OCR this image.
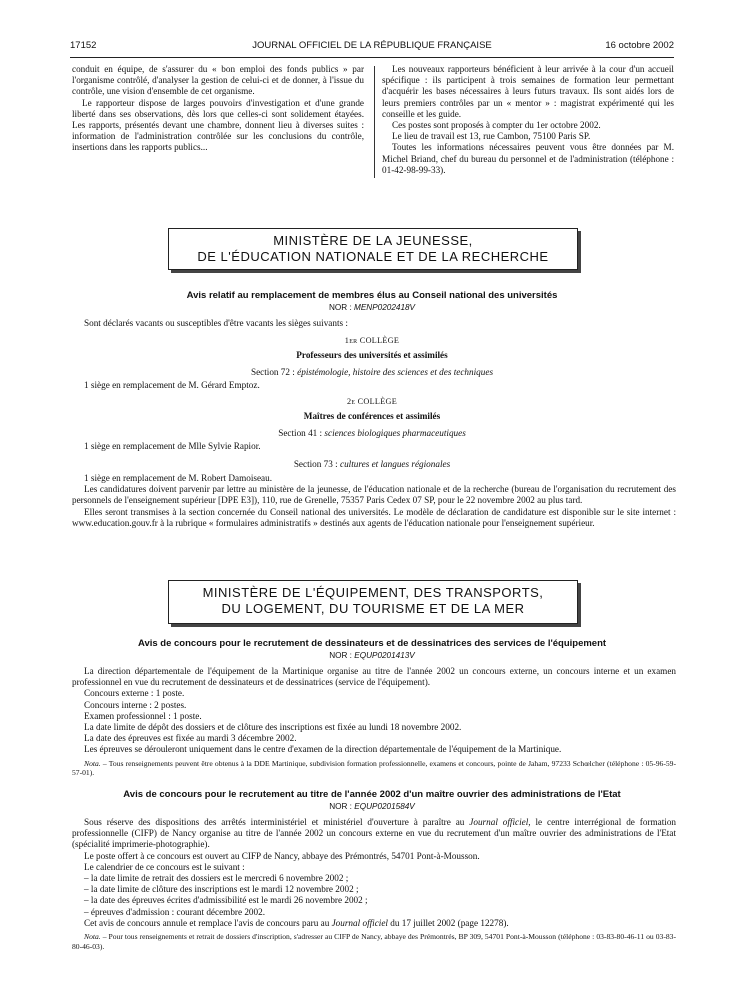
17152	JOURNAL OFFICIEL DE LA RÉPUBLIQUE FRANÇAISE	16 octobre 2002

conduit en équipe, de s'assurer du « bon emploi des fonds publics » par l'organisme contrôlé, d'analyser la gestion de celui-ci et de donner, à l'issue du contrôle, une vision d'ensemble de cet organisme.

Le rapporteur dispose de larges pouvoirs d'investigation et d'une grande liberté dans ses observations, dès lors que celles-ci sont solidement étayées. Les rapports, présentés devant une chambre, donnent lieu à diverses suites : information de l'administration contrôlée sur les conclusions du contrôle, insertions dans les rapports publics...

Les nouveaux rapporteurs bénéficient à leur arrivée à la cour d'un accueil spécifique : ils participent à trois semaines de formation leur permettant d'acquérir les bases nécessaires à leurs futurs travaux. Ils sont aidés lors de leurs premiers contrôles par un « mentor » : magistrat expérimenté qui les conseille et les guide.

Ces postes sont proposés à compter du 1er octobre 2002.

Le lieu de travail est 13, rue Cambon, 75100 Paris SP.

Toutes les informations nécessaires peuvent vous être données par M. Michel Briand, chef du bureau du personnel et de l'administration (téléphone : 01-42-98-99-33).

MINISTÈRE DE LA JEUNESSE,
DE L'ÉDUCATION NATIONALE ET DE LA RECHERCHE
Avis relatif au remplacement de membres élus au Conseil national des universités
NOR : MENP0202418V

Sont déclarés vacants ou susceptibles d'être vacants les sièges suivants :

1er COLLÈGE
Professeurs des universités et assimilés
Section 72 : épistémologie, histoire des sciences et des techniques

1 siège en remplacement de M. Gérard Emptoz.

2e COLLÈGE
Maîtres de conférences et assimilés
Section 41 : sciences biologiques pharmaceutiques

1 siège en remplacement de Mlle Sylvie Rapior.

Section 73 : cultures et langues régionales

1 siège en remplacement de M. Robert Damoiseau.

Les candidatures doivent parvenir par lettre au ministère de la jeunesse, de l'éducation nationale et de la recherche (bureau de l'organisation du recrutement des personnels de l'enseignement supérieur [DPE E3]), 110, rue de Grenelle, 75357 Paris Cedex 07 SP, pour le 22 novembre 2002 au plus tard.

Elles seront transmises à la section concernée du Conseil national des universités. Le modèle de déclaration de candidature est disponible sur le site internet : www.education.gouv.fr à la rubrique « formulaires administratifs » destinés aux agents de l'éducation nationale pour l'enseignement supérieur.

MINISTÈRE DE L'ÉQUIPEMENT, DES TRANSPORTS,
DU LOGEMENT, DU TOURISME ET DE LA MER
Avis de concours pour le recrutement de dessinateurs et de dessinatrices des services de l'équipement
NOR : EQUP0201413V

La direction départementale de l'équipement de la Martinique organise au titre de l'année 2002 un concours externe, un concours interne et un examen professionnel en vue du recrutement de dessinateurs et de dessinatrices (service de l'équipement).

Concours externe : 1 poste.

Concours interne : 2 postes.

Examen professionnel : 1 poste.

La date limite de dépôt des dossiers et de clôture des inscriptions est fixée au lundi 18 novembre 2002.

La date des épreuves est fixée au mardi 3 décembre 2002.

Les épreuves se dérouleront uniquement dans le centre d'examen de la direction départementale de l'équipement de la Martinique.

Nota. – Tous renseignements peuvent être obtenus à la DDE Martinique, subdivision formation professionnelle, examens et concours, pointe de Jaham, 97233 Schœlcher (téléphone : 05-96-59-57-01).

Avis de concours pour le recrutement au titre de l'année 2002 d'un maître ouvrier des administrations de l'Etat
NOR : EQUP0201584V

Sous réserve des dispositions des arrêtés interministériel et ministériel d'ouverture à paraître au Journal officiel, le centre interrégional de formation professionnelle (CIFP) de Nancy organise au titre de l'année 2002 un concours externe en vue du recrutement d'un maître ouvrier des administrations de l'Etat (spécialité imprimerie-photographie).

Le poste offert à ce concours est ouvert au CIFP de Nancy, abbaye des Prémontrés, 54701 Pont-à-Mousson.

Le calendrier de ce concours est le suivant :

– la date limite de retrait des dossiers est le mercredi 6 novembre 2002 ;

– la date limite de clôture des inscriptions est le mardi 12 novembre 2002 ;

– la date des épreuves écrites d'admissibilité est le mardi 26 novembre 2002 ;

– épreuves d'admission : courant décembre 2002.

Cet avis de concours annule et remplace l'avis de concours paru au Journal officiel du 17 juillet 2002 (page 12278).

Nota. – Pour tous renseignements et retrait de dossiers d'inscription, s'adresser au CIFP de Nancy, abbaye des Prémontrés, BP 309, 54701 Pont-à-Mousson (téléphone : 03-83-80-46-11 ou 03-83-80-46-03).
